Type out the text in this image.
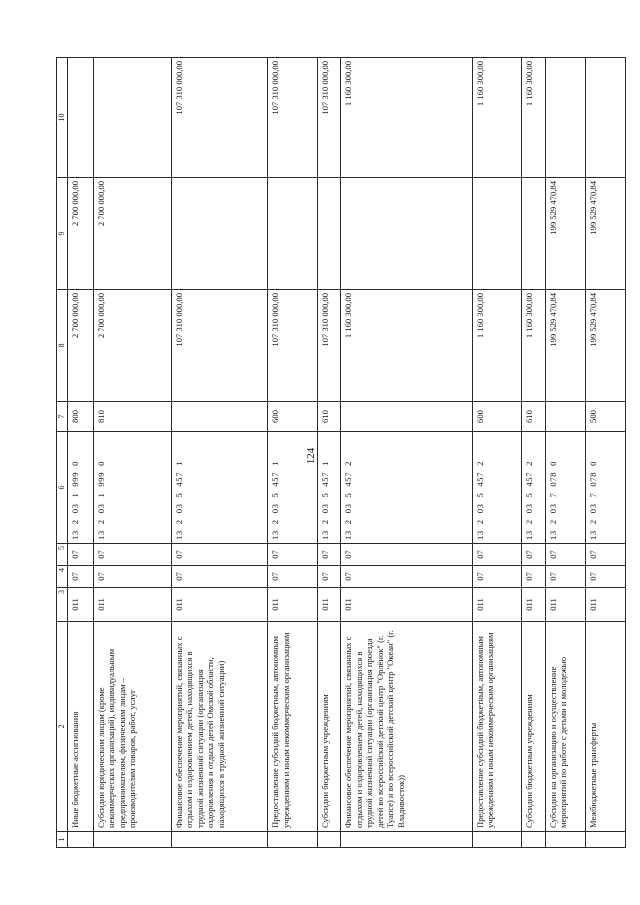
124
1	2	3	4	5	6	7	8	9	10
	Иные бюджетные ассигнования	011	07	07	1320319990	800	2 700 000,00	2 700 000,00	
	Субсидии юридическим лицам (кроме некоммерческих организаций), индивидуальным предпринимателям, физическим лицам – производителям товаров, работ, услуг	011	07	07	1320319990	810	2 700 000,00	2 700 000,00	
	Финансовое обеспечение мероприятий, связанных с отдыхом и оздоровлением детей, находящихся в трудной жизненной ситуации (организация оздоровления и отдыха детей Омской области, находящихся в трудной жизненной ситуации)	011	07	07	1320354571		107 310 000,00		107 310 000,00
	Предоставление субсидий бюджетным, автономным учреждениям и иным некоммерческим организациям	011	07	07	1320354571	600	107 310 000,00		107 310 000,00
	Субсидии бюджетным учреждениям	011	07	07	1320354571	610	107 310 000,00		107 310 000,00
	Финансовое обеспечение мероприятий, связанных с отдыхом и оздоровлением детей, находящихся в трудной жизненной ситуации (организация проезда детей во всероссийский детский центр "Орлёнок" (г. Туапсе) и во всероссийский детский центр "Океан" (г. Владивосток))	011	07	07	1320354572		1 160 300,00		1 160 300,00
	Предоставление субсидий бюджетным, автономным учреждениям и иным некоммерческим организациям	011	07	07	1320354572	600	1 160 300,00		1 160 300,00
	Субсидии бюджетным учреждениям	011	07	07	1320354572	610	1 160 300,00		1 160 300,00
	Субсидии на организацию и осуществление мероприятий по работе с детьми и молодежью	011	07	07	1320370780		199 529 470,84	199 529 470,84	
	Межбюджетные трансферты	011	07	07	1320370780	500	199 529 470,84	199 529 470,84	
